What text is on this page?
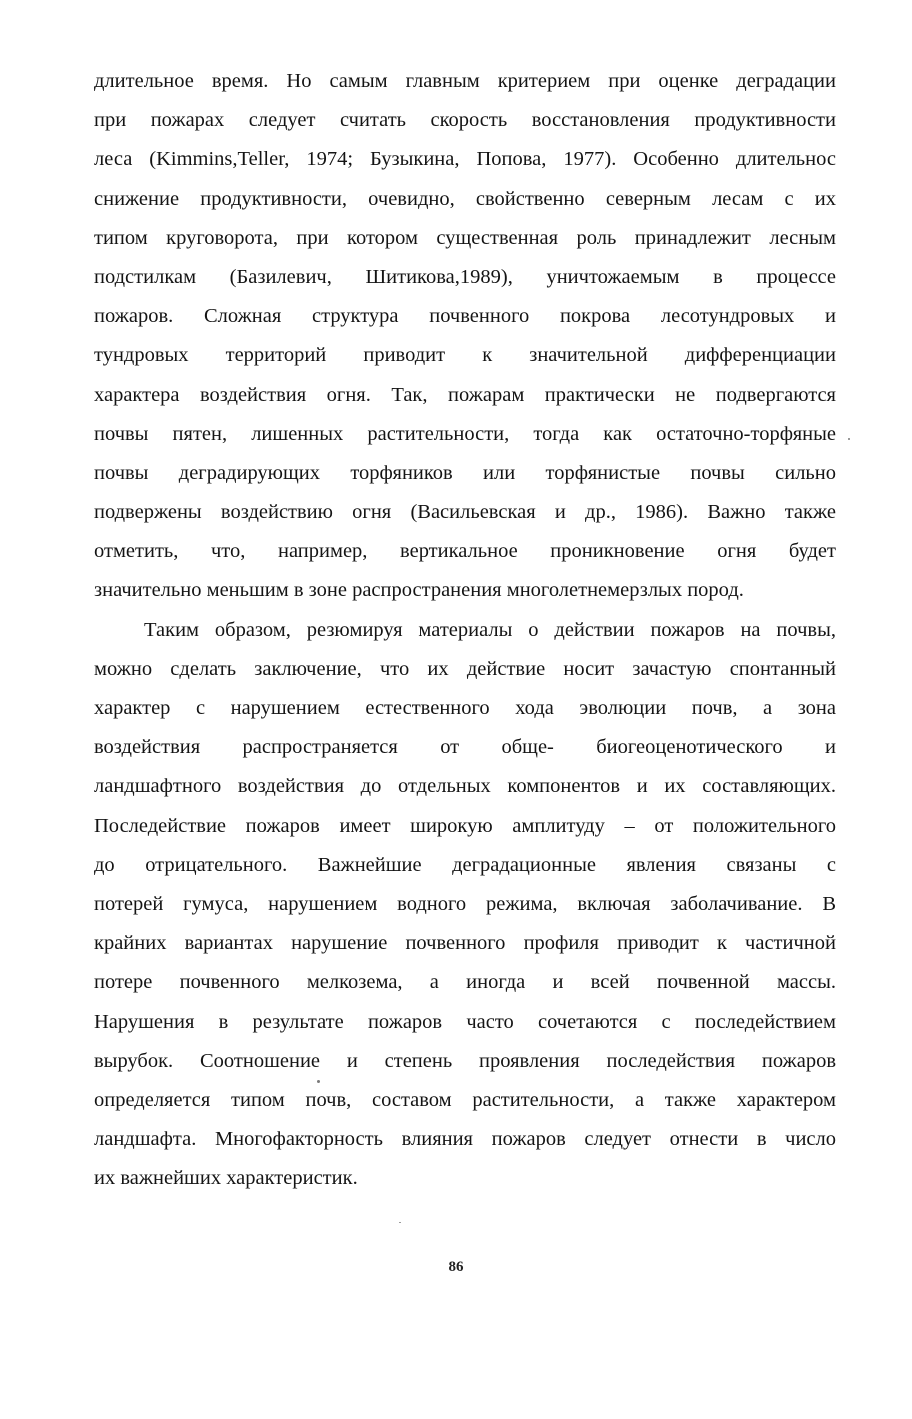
длительное время. Но самым главным критерием при оценке деградации
при пожарах следует считать скорость восстановления продуктивности
леса (Kimmins,Teller, 1974; Бузыкина, Попова, 1977). Особенно длительнос
снижение продуктивности, очевидно, свойственно северным лесам с их
типом круговорота, при котором существенная роль принадлежит лесным
подстилкам (Базилевич, Шитикова,1989), уничтожаемым в процессе
пожаров. Сложная структура почвенного покрова лесотундровых и
тундровых территорий приводит к значительной дифференциации
характера воздействия огня. Так, пожарам практически не подвергаются
почвы пятен, лишенных растительности, тогда как остаточно-торфяные
почвы деградирующих торфяников или торфянистые почвы сильно
подвержены воздействию огня (Васильевская и др., 1986). Важно также
отметить, что, например, вертикальное проникновение огня будет
значительно меньшим в зоне распространения многолетнемерзлых пород.
Таким образом, резюмируя материалы о действии пожаров на почвы,
можно сделать заключение, что их действие носит зачастую спонтанный
характер с нарушением естественного хода эволюции почв, а зона
воздействия распространяется от обще- биогеоценотического и
ландшафтного воздействия до отдельных компонентов и их составляющих.
Последействие пожаров имеет широкую амплитуду – от положительного
до отрицательного. Важнейшие деградационные явления связаны с
потерей гумуса, нарушением водного режима, включая заболачивание. В
крайних вариантах нарушение почвенного профиля приводит к частичной
потере почвенного мелкозема, а иногда и всей почвенной массы.
Нарушения в результате пожаров часто сочетаются с последействием
вырубок. Соотношение и степень проявления последействия пожаров
определяется типом почв, составом растительности, а также характером
ландшафта. Многофакторность влияния пожаров следует отнести в число
их важнейших характеристик.
86
